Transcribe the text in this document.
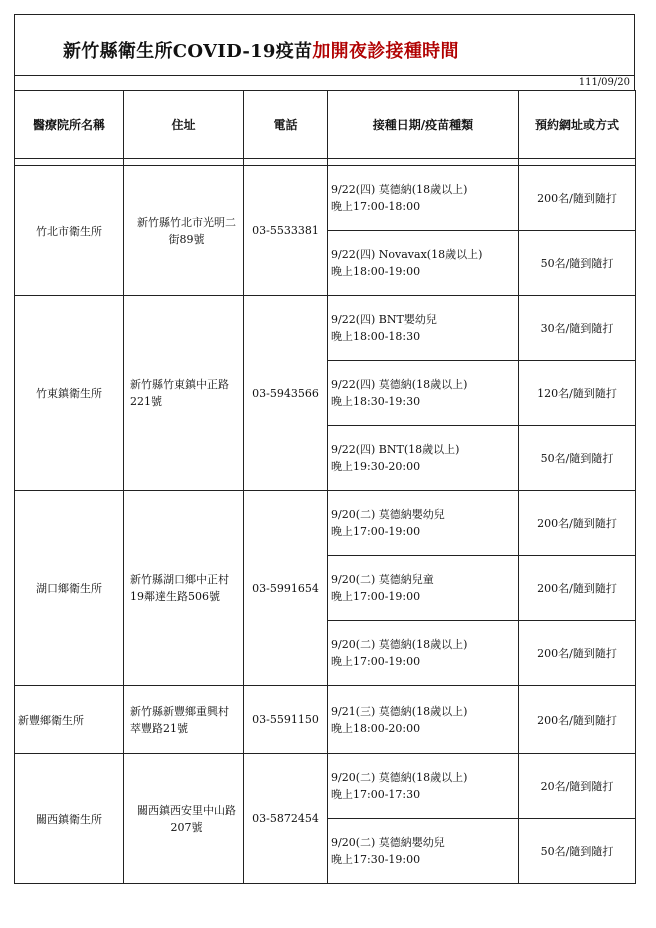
新竹縣衛生所COVID-19疫苗加開夜診接種時間
111/09/20
醫療院所名稱	住址	電話	接種日期/疫苗種類	預約網址或方式

竹北市衛生所	新竹縣竹北市光明二
街89號	03-5533381	9/22(四) 莫德納(18歲以上)
晚上17:00-18:00	200名/隨到隨打
			9/22(四) Novavax(18歲以上)
晚上18:00-19:00	50名/隨到隨打
竹東鎮衛生所	新竹縣竹東鎮中正路
221號	03-5943566	9/22(四) BNT嬰幼兒
晚上18:00-18:30	30名/隨到隨打
			9/22(四) 莫德納(18歲以上)
晚上18:30-19:30	120名/隨到隨打
			9/22(四) BNT(18歲以上)
晚上19:30-20:00	50名/隨到隨打
湖口鄉衛生所	新竹縣湖口鄉中正村
19鄰達生路506號	03-5991654	9/20(二) 莫德納嬰幼兒
晚上17:00-19:00	200名/隨到隨打
			9/20(二) 莫德納兒童
晚上17:00-19:00	200名/隨到隨打
			9/20(二) 莫德納(18歲以上)
晚上17:00-19:00	200名/隨到隨打
新豐鄉衛生所	新竹縣新豐鄉重興村
萃豐路21號	03-5591150	9/21(三) 莫德納(18歲以上)
晚上18:00-20:00	200名/隨到隨打
關西鎮衛生所	關西鎮西安里中山路
207號	03-5872454	9/20(二) 莫德納(18歲以上)
晚上17:00-17:30	20名/隨到隨打
			9/20(二) 莫德納嬰幼兒
晚上17:30-19:00	50名/隨到隨打
